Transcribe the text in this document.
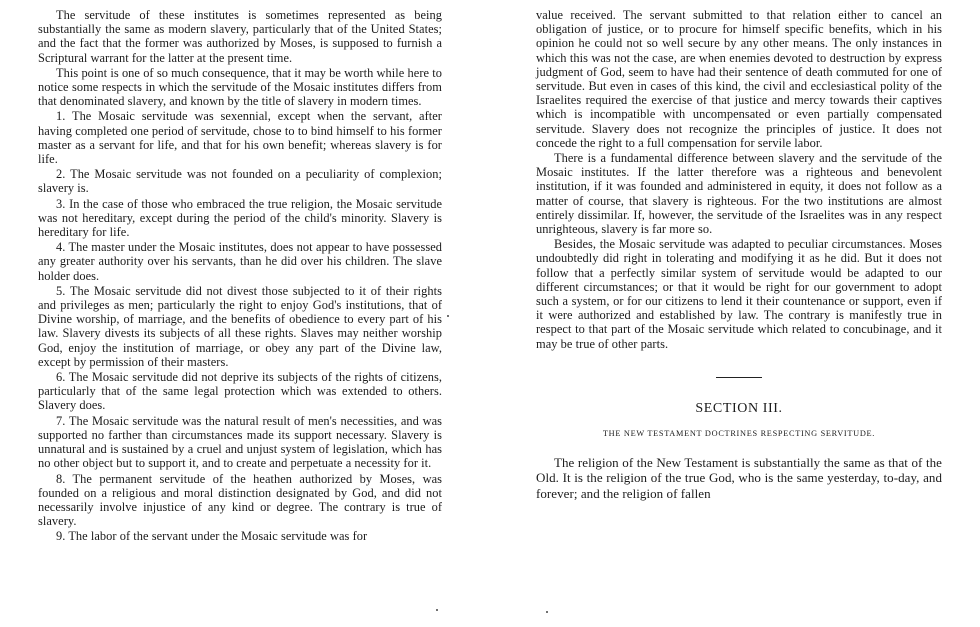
The servitude of these institutes is sometimes represented as being substantially the same as modern slavery, particularly that of the United States; and the fact that the former was authorized by Moses, is supposed to furnish a Scriptural warrant for the latter at the present time.

This point is one of so much consequence, that it may be worth while here to notice some respects in which the servitude of the Mosaic institutes differs from that denominated slavery, and known by the title of slavery in modern times.

1. The Mosaic servitude was sexennial, except when the servant, after having completed one period of servitude, chose to to bind himself to his former master as a servant for life, and that for his own benefit; whereas slavery is for life.

2. The Mosaic servitude was not founded on a peculiarity of complexion; slavery is.

3. In the case of those who embraced the true religion, the Mosaic servitude was not hereditary, except during the period of the child's minority. Slavery is hereditary for life.

4. The master under the Mosaic institutes, does not appear to have possessed any greater authority over his servants, than he did over his children. The slave holder does.

5. The Mosaic servitude did not divest those subjected to it of their rights and privileges as men; particularly the right to enjoy God's institutions, that of Divine worship, of marriage, and the benefits of obedience to every part of his law. Slavery divests its subjects of all these rights. Slaves may neither worship God, enjoy the institution of marriage, or obey any part of the Divine law, except by permission of their masters.

6. The Mosaic servitude did not deprive its subjects of the rights of citizens, particularly that of the same legal protection which was extended to others. Slavery does.

7. The Mosaic servitude was the natural result of men's necessities, and was supported no farther than circumstances made its support necessary. Slavery is unnatural and is sustained by a cruel and unjust system of legislation, which has no other object but to support it, and to create and perpetuate a necessity for it.

8. The permanent servitude of the heathen authorized by Moses, was founded on a religious and moral distinction designated by God, and did not necessarily involve injustice of any kind or degree. The contrary is true of slavery.

9. The labor of the servant under the Mosaic servitude was for

value received. The servant submitted to that relation either to cancel an obligation of justice, or to procure for himself specific benefits, which in his opinion he could not so well secure by any other means. The only instances in which this was not the case, are when enemies devoted to destruction by express judgment of God, seem to have had their sentence of death commuted for one of servitude. But even in cases of this kind, the civil and ecclesiastical polity of the Israelites required the exercise of that justice and mercy towards their captives which is incompatible with uncompensated or even partially compensated servitude. Slavery does not recognize the principles of justice. It does not concede the right to a full compensation for servile labor.

There is a fundamental difference between slavery and the servitude of the Mosaic institutes. If the latter therefore was a righteous and benevolent institution, if it was founded and administered in equity, it does not follow as a matter of course, that slavery is righteous. For the two institutions are almost entirely dissimilar. If, however, the servitude of the Israelites was in any respect unrighteous, slavery is far more so.

Besides, the Mosaic servitude was adapted to peculiar circumstances. Moses undoubtedly did right in tolerating and modifying it as he did. But it does not follow that a perfectly similar system of servitude would be adapted to our different circumstances; or that it would be right for our government to adopt such a system, or for our citizens to lend it their countenance or support, even if it were authorized and established by law. The contrary is manifestly true in respect to that part of the Mosaic servitude which related to concubinage, and it may be true of other parts.

SECTION III.
THE NEW TESTAMENT DOCTRINES RESPECTING SERVITUDE.

The religion of the New Testament is substantially the same as that of the Old. It is the religion of the true God, who is the same yesterday, to-day, and forever; and the religion of fallen
